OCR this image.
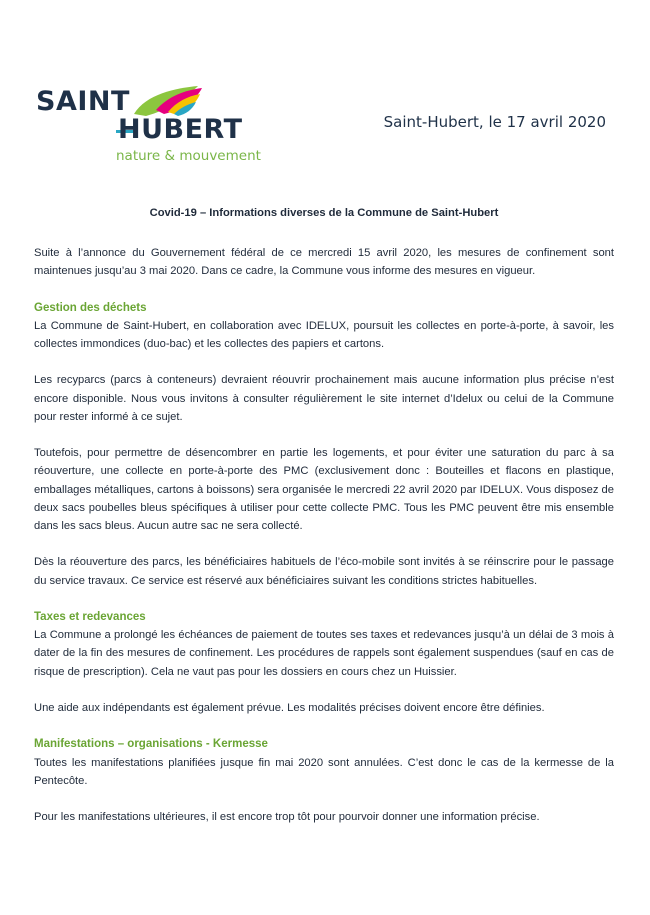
SAINT
HUBERT
nature & mouvement
Saint-Hubert, le 17 avril 2020

Covid-19 – Informations diverses de la Commune de Saint-Hubert

Suite à l’annonce du Gouvernement fédéral de ce mercredi 15 avril 2020, les mesures de confinement sont maintenues jusqu’au 3 mai 2020. Dans ce cadre, la Commune vous informe des mesures en vigueur.

Gestion des déchets

La Commune de Saint-Hubert, en collaboration avec IDELUX, poursuit les collectes en porte-à-porte, à savoir, les collectes immondices (duo-bac) et les collectes des papiers et cartons.

Les recyparcs (parcs à conteneurs) devraient réouvrir prochainement mais aucune information plus précise n’est encore disponible. Nous vous invitons à consulter régulièrement le site internet d’Idelux ou celui de la Commune pour rester informé à ce sujet.

Toutefois, pour permettre de désencombrer en partie les logements, et pour éviter une saturation du parc à sa réouverture, une collecte en porte-à-porte des PMC (exclusivement donc : Bouteilles et flacons en plastique, emballages métalliques, cartons à boissons) sera organisée le mercredi 22 avril 2020 par IDELUX. Vous disposez de deux sacs poubelles bleus spécifiques à utiliser pour cette collecte PMC. Tous les PMC peuvent être mis ensemble dans les sacs bleus. Aucun autre sac ne sera collecté.

Dès la réouverture des parcs, les bénéficiaires habituels de l’éco-mobile sont invités à se réinscrire pour le passage du service travaux. Ce service est réservé aux bénéficiaires suivant les conditions strictes habituelles.

Taxes et redevances

La Commune a prolongé les échéances de paiement de toutes ses taxes et redevances jusqu’à un délai de 3 mois à dater de la fin des mesures de confinement. Les procédures de rappels sont également suspendues (sauf en cas de risque de prescription). Cela ne vaut pas pour les dossiers en cours chez un Huissier.

Une aide aux indépendants est également prévue. Les modalités précises doivent encore être définies.

Manifestations – organisations - Kermesse

Toutes les manifestations planifiées jusque fin mai 2020 sont annulées. C’est donc le cas de la kermesse de la Pentecôte.

Pour les manifestations ultérieures, il est encore trop tôt pour pourvoir donner une information précise.
